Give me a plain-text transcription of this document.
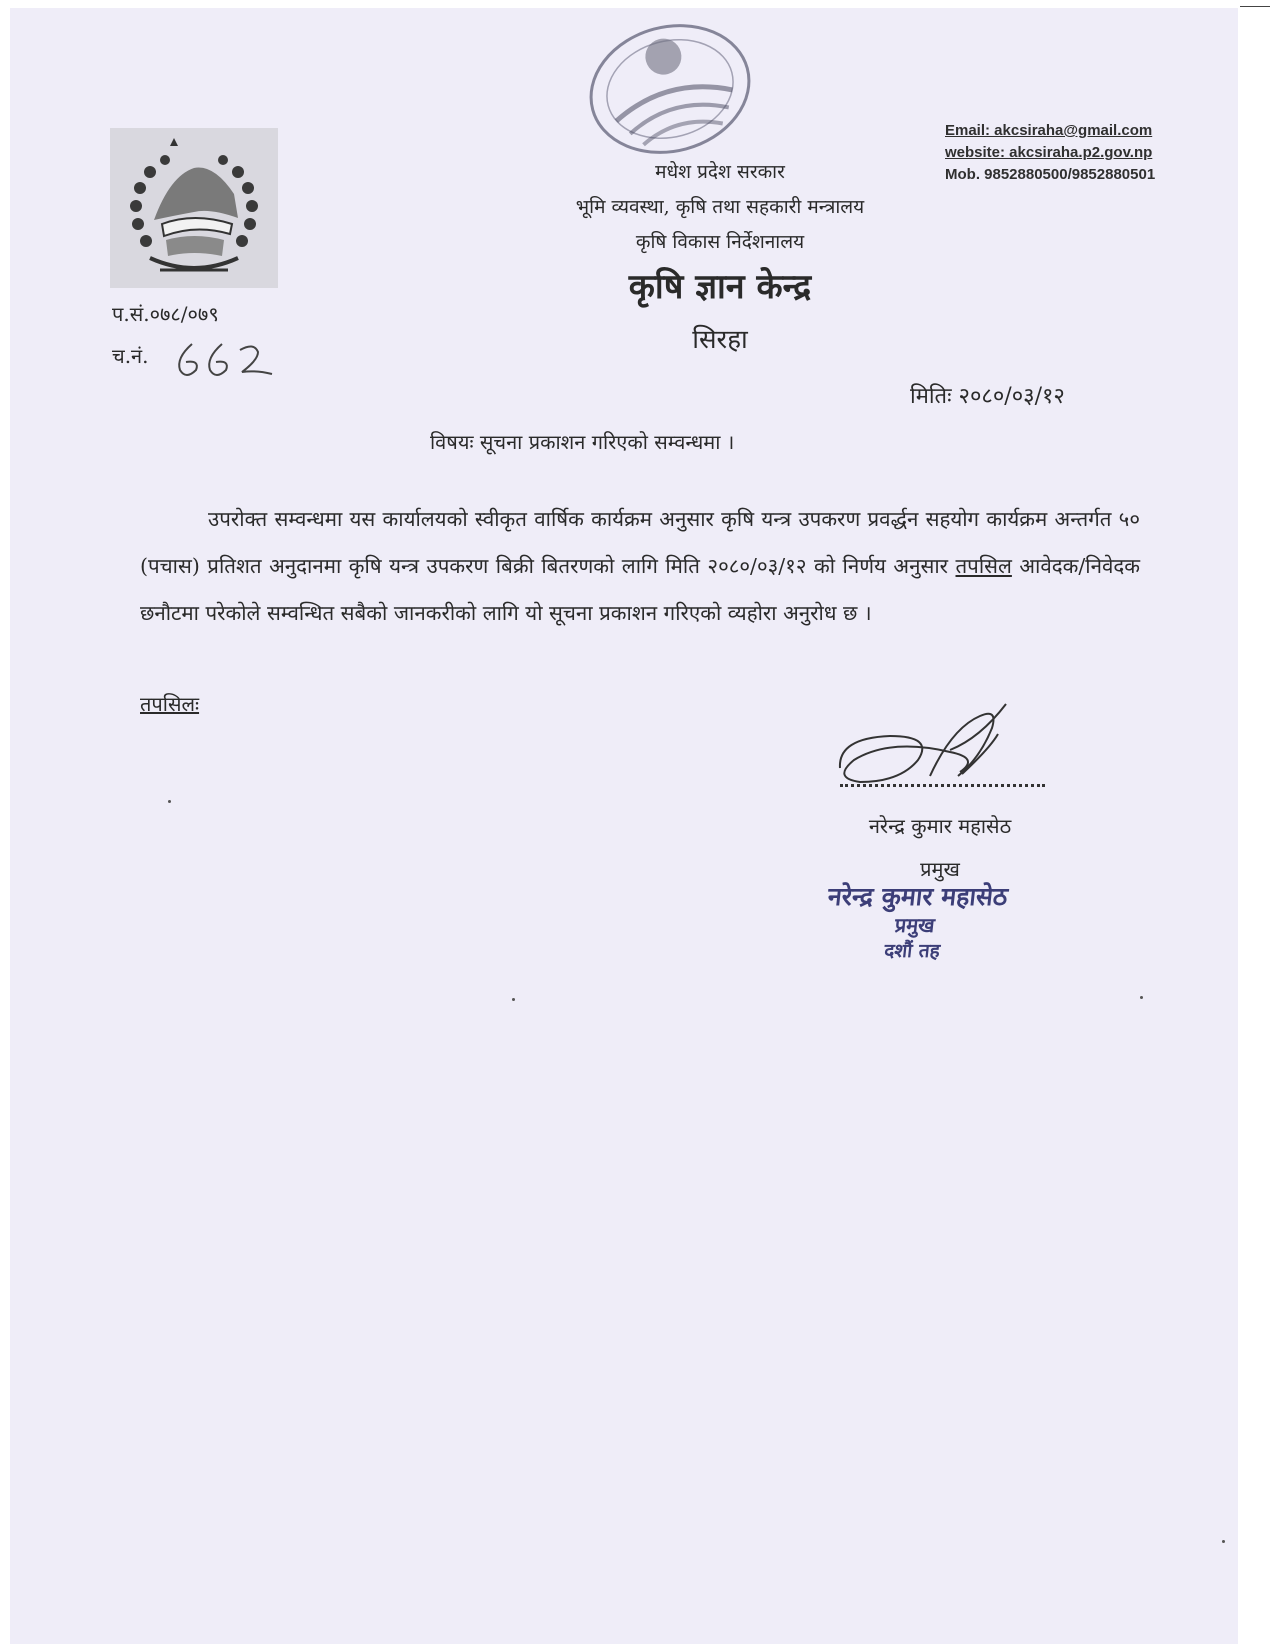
Email: akcsiraha@gmail.com
website: akcsiraha.p2.gov.np
Mob. 9852880500/9852880501
मधेश प्रदेश सरकार
भूमि व्यवस्था, कृषि तथा सहकारी मन्त्रालय
कृषि विकास निर्देशनालय
कृषि ज्ञान केन्द्र
सिरहा
प.सं.०७८/०७९
च.नं.
मितिः २०८०/०३/१२
विषयः सूचना प्रकाशन गरिएको सम्वन्धमा ।
उपरोक्त सम्वन्धमा यस कार्यालयको स्वीकृत वार्षिक कार्यक्रम अनुसार कृषि यन्त्र उपकरण प्रवर्द्धन सहयोग कार्यक्रम अन्तर्गत ५० (पचास) प्रतिशत अनुदानमा कृषि यन्त्र उपकरण बिक्री बितरणको लागि मिति २०८०/०३/१२ को निर्णय अनुसार तपसिल आवेदक/निवेदक छनौटमा परेकोले सम्वन्धित सबैको जानकरीको लागि यो सूचना प्रकाशन गरिएको व्यहोरा अनुरोध छ ।
तपसिलः
नरेन्द्र कुमार महासेठ
प्रमुख
नरेन्द्र कुमार महासेठ
प्रमुख
दशौं तह
